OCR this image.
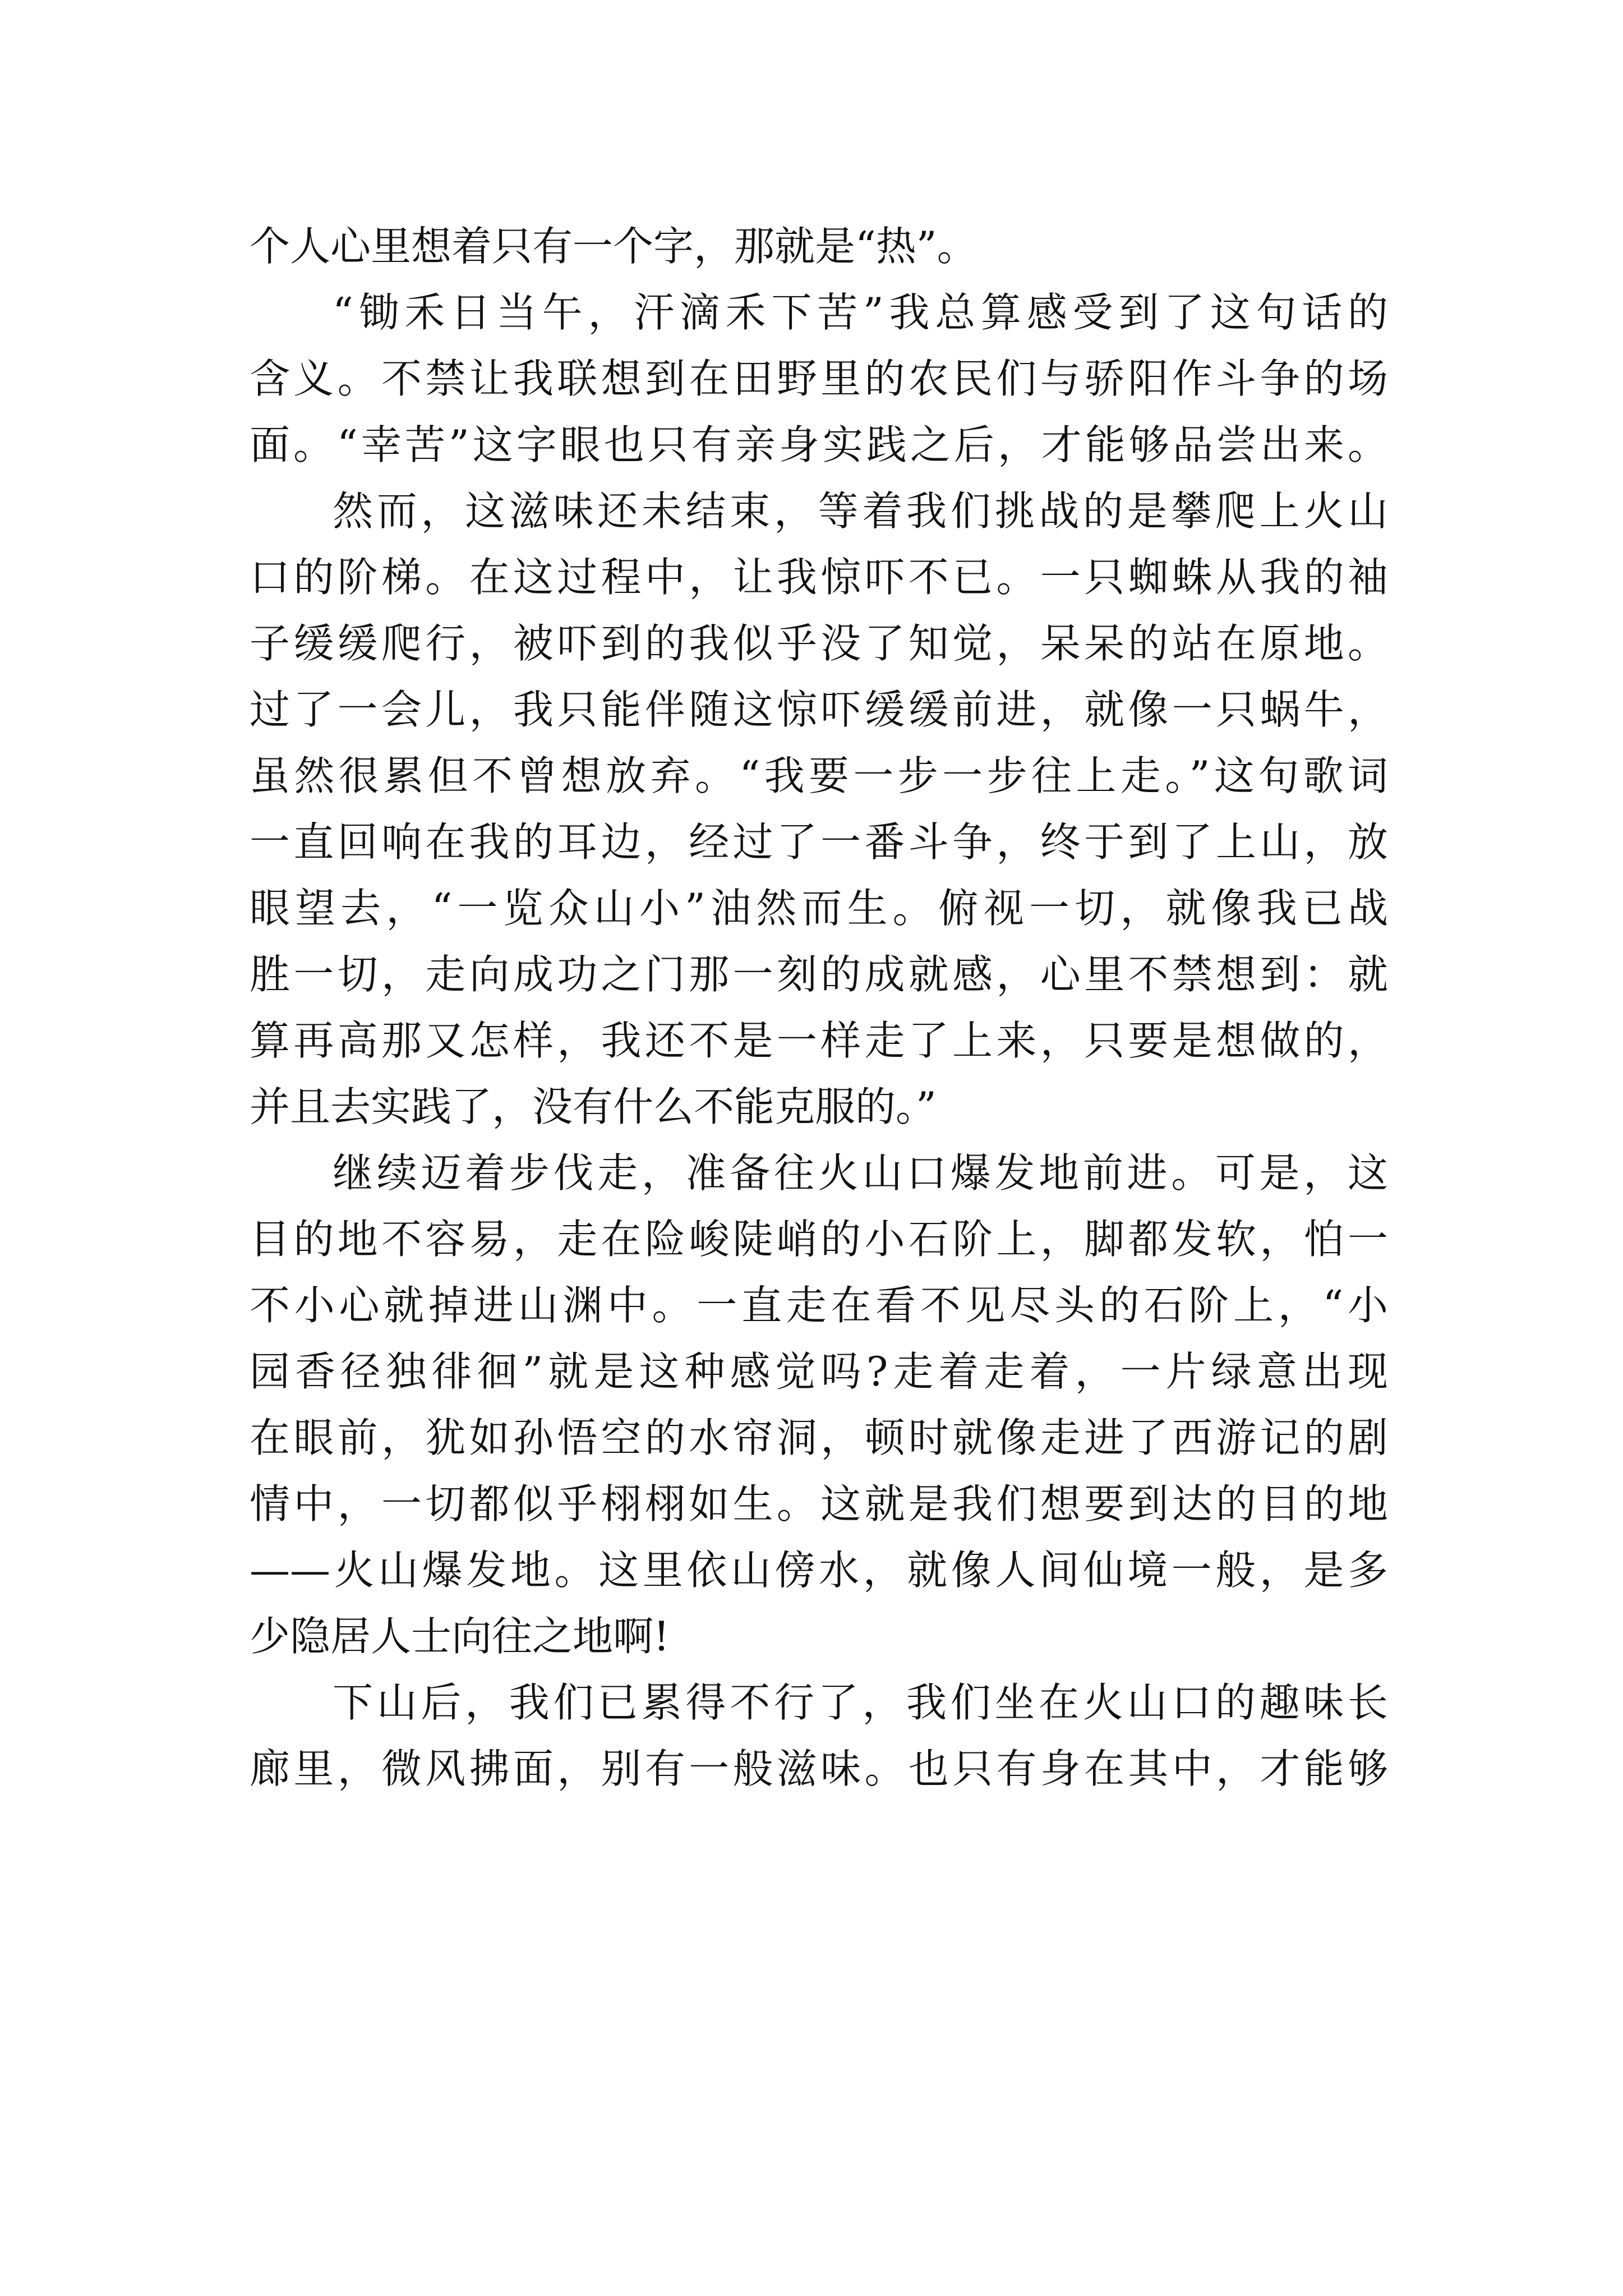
个人心里想着只有一个字，那就是“热”。
“锄禾日当午，汗滴禾下苦”我总算感受到了这句话的
含义。不禁让我联想到在田野里的农民们与骄阳作斗争的场
面。“幸苦”这字眼也只有亲身实践之后，才能够品尝出来。
然而，这滋味还未结束，等着我们挑战的是攀爬上火山
口的阶梯。在这过程中，让我惊吓不已。一只蜘蛛从我的袖
子缓缓爬行，被吓到的我似乎没了知觉，呆呆的站在原地。
过了一会儿，我只能伴随这惊吓缓缓前进，就像一只蜗牛，
虽然很累但不曾想放弃。“我要一步一步往上走。”这句歌词
一直回响在我的耳边，经过了一番斗争，终于到了上山，放
眼望去，“一览众山小”油然而生。俯视一切，就像我已战
胜一切，走向成功之门那一刻的成就感，心里不禁想到：就
算再高那又怎样，我还不是一样走了上来，只要是想做的，
并且去实践了，没有什么不能克服的。”
继续迈着步伐走，准备往火山口爆发地前进。可是，这
目的地不容易，走在险峻陡峭的小石阶上，脚都发软，怕一
不小心就掉进山渊中。一直走在看不见尽头的石阶上，“小
园香径独徘徊”就是这种感觉吗?走着走着，一片绿意出现
在眼前，犹如孙悟空的水帘洞，顿时就像走进了西游记的剧
情中，一切都似乎栩栩如生。这就是我们想要到达的目的地
——火山爆发地。这里依山傍水，就像人间仙境一般，是多
少隐居人士向往之地啊!
下山后，我们已累得不行了，我们坐在火山口的趣味长
廊里，微风拂面，别有一般滋味。也只有身在其中，才能够
